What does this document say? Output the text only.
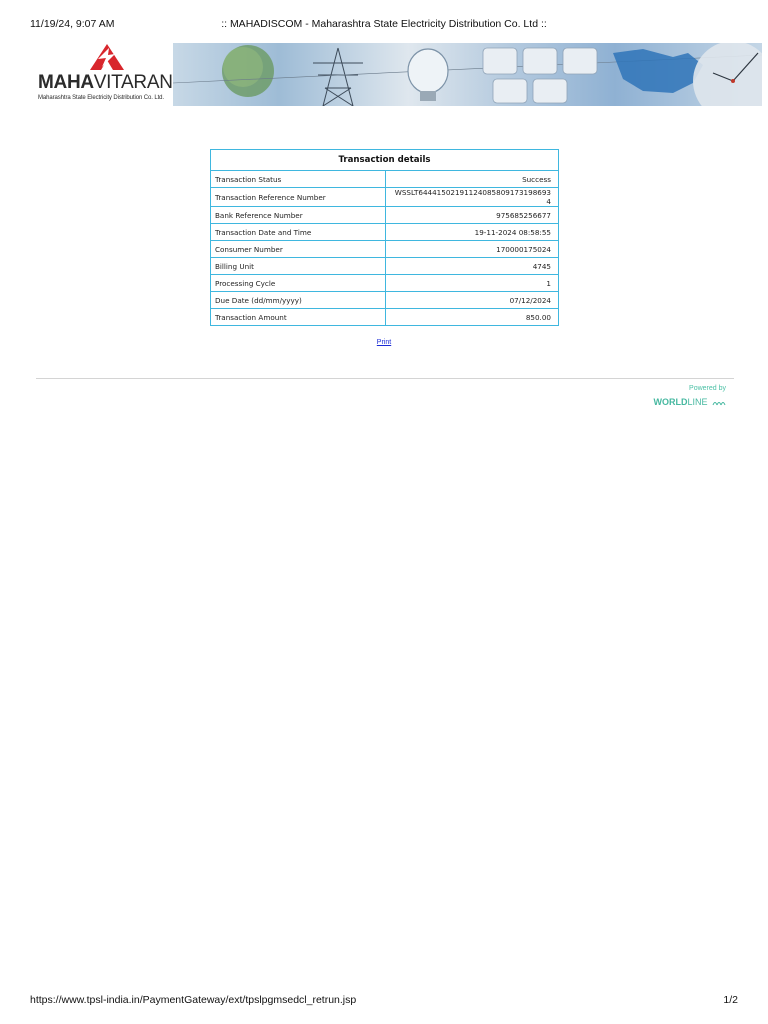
11/19/24, 9:07 AM	:: MAHADISCOM - Maharashtra State Electricity Distribution Co. Ltd ::
MAHAVITARAN
Maharashtra State Electricity Distribution Co. Ltd.
Transaction details	
Transaction Status	Success
Transaction Reference Number	WSSLT64441502191124085809173198693 4
Bank Reference Number	975685256677
Transaction Date and Time	19-11-2024 08:58:55
Consumer Number	170000175024
Billing Unit	4745
Processing Cycle	1
Due Date (dd/mm/yyyy)	07/12/2024
Transaction Amount	850.00
Print
Powered by
WORLDLINE
https://www.tpsl-india.in/PaymentGateway/ext/tpslpgmsedcl_retrun.jsp	1/2
